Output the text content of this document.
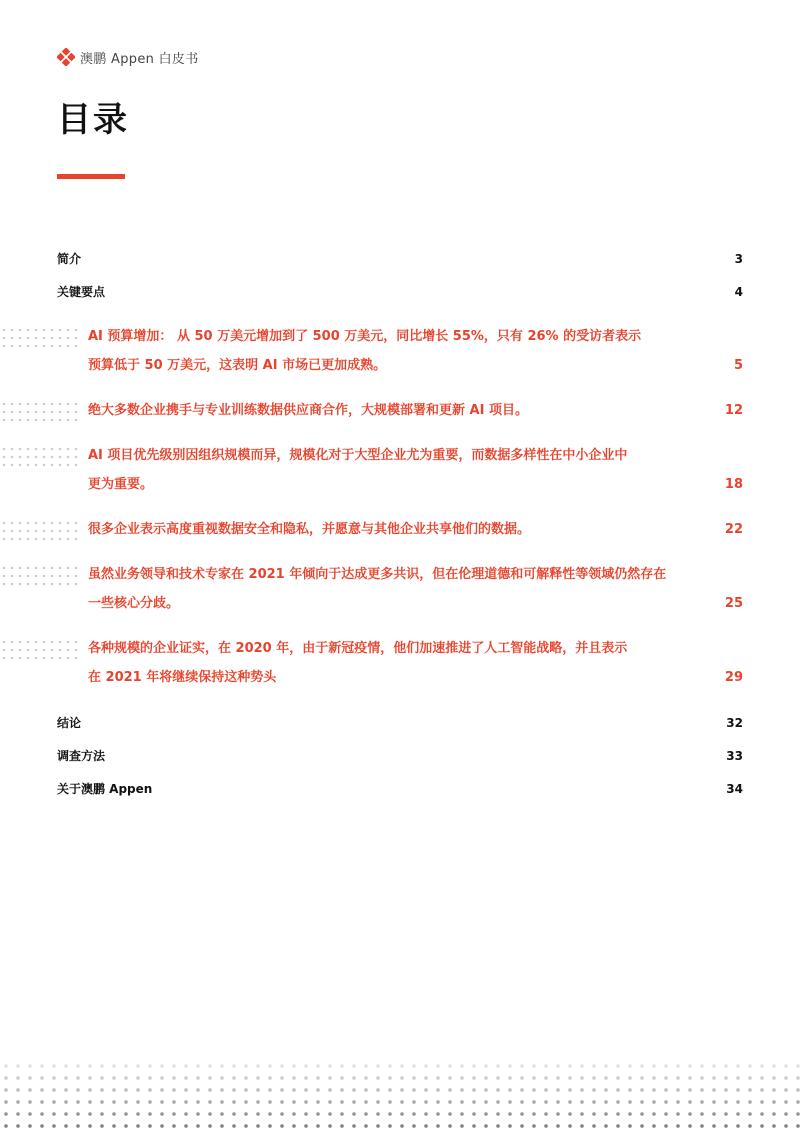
澳鹏 Appen 白皮书
目录
简介	3
关键要点	4
AI 预算增加： 从 50 万美元增加到了 500 万美元，同比增长 55%，只有 26% 的受访者表示
预算低于 50 万美元，这表明 AI 市场已更加成熟。	5
绝大多数企业携手与专业训练数据供应商合作，大规模部署和更新 AI 项目。	12
AI 项目优先级别因组织规模而异，规模化对于大型企业尤为重要，而数据多样性在中小企业中
更为重要。	18
很多企业表示高度重视数据安全和隐私，并愿意与其他企业共享他们的数据。	22
虽然业务领导和技术专家在 2021 年倾向于达成更多共识，但在伦理道德和可解释性等领域仍然存在
一些核心分歧。	25
各种规模的企业证实，在 2020 年，由于新冠疫情，他们加速推进了人工智能战略，并且表示
在 2021 年将继续保持这种势头	29
结论	32
调查方法	33
关于澳鹏 Appen	34
